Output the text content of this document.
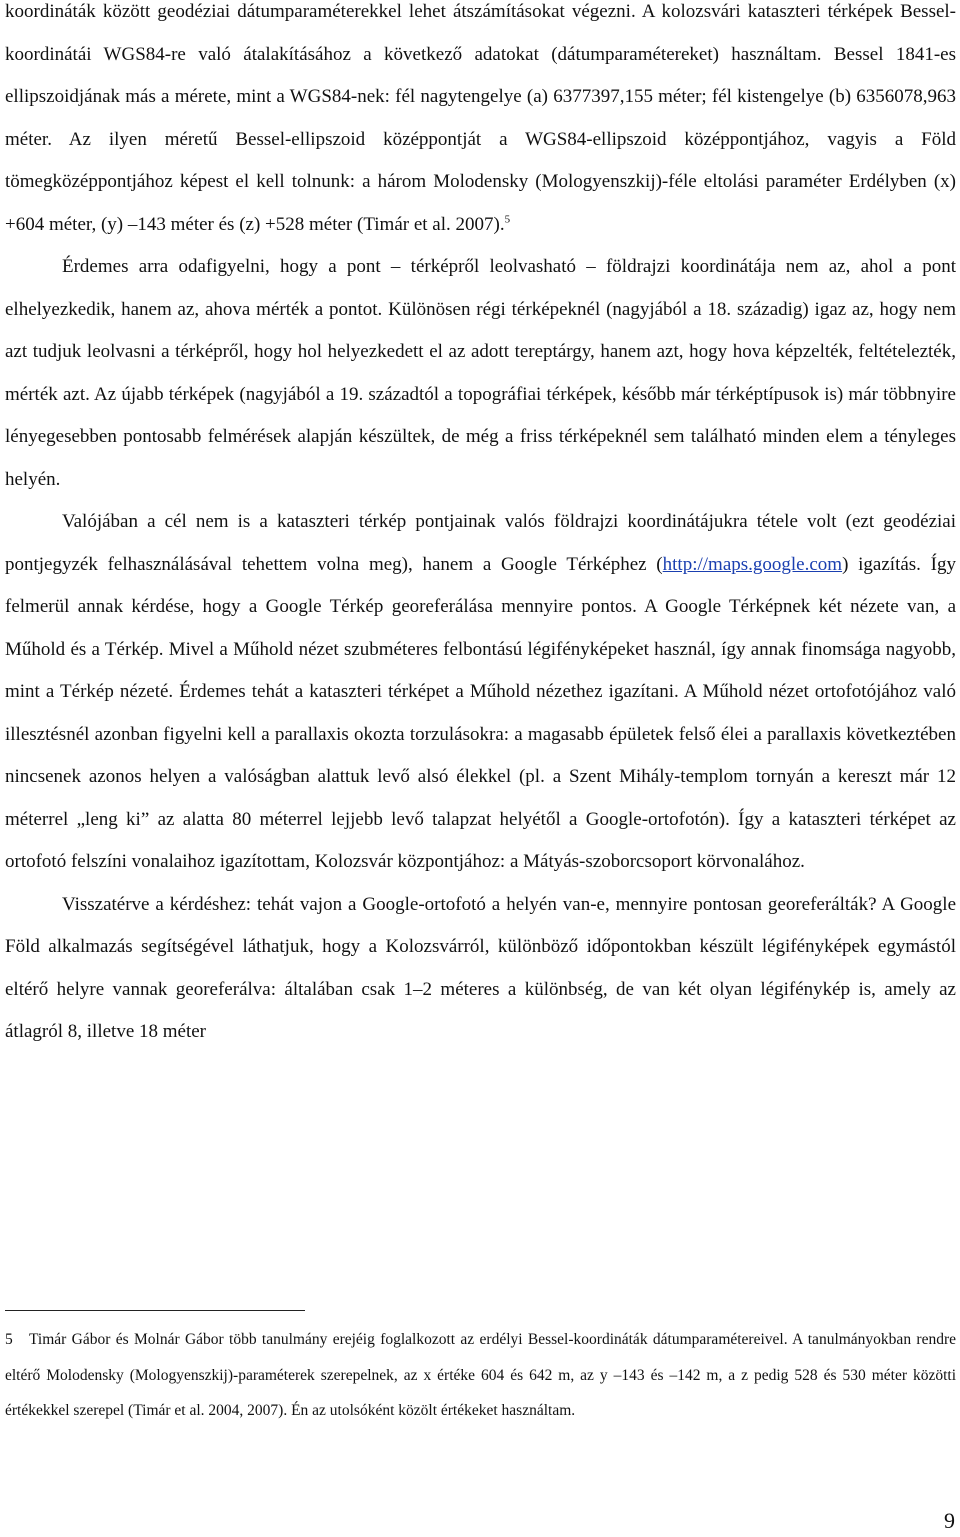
koordináták között geodéziai dátumparaméterekkel lehet átszámításokat végezni. A kolozsvári kataszteri térképek Bessel-koordinátái WGS84-re való átalakításához a következő adatokat (dátumparamétereket) használtam. Bessel 1841-es ellipszoidjának más a mérete, mint a WGS84-nek: fél nagytengelye (a) 6377397,155 méter; fél kistengelye (b) 6356078,963 méter. Az ilyen méretű Bessel-ellipszoid középpontját a WGS84-ellipszoid középpontjához, vagyis a Föld tömegközéppontjához képest el kell tolnunk: a három Molodensky (Mologyenszkij)-féle eltolási paraméter Erdélyben (x) +604 méter, (y) –143 méter és (z) +528 méter (Timár et al. 2007).$^5$

Érdemes arra odafigyelni, hogy a pont – térképről leolvasható – földrajzi koordinátája nem az, ahol a pont elhelyezkedik, hanem az, ahova mérték a pontot. Különösen régi térképeknél (nagyjából a 18. századig) igaz az, hogy nem azt tudjuk leolvasni a térképről, hogy hol helyezkedett el az adott tereptárgy, hanem azt, hogy hova képzelték, feltételezték, mérték azt. Az újabb térképek (nagyjából a 19. századtól a topográfiai térképek, később már térképtípusok is) már többnyire lényegesebben pontosabb felmérések alapján készültek, de még a friss térképeknél sem található minden elem a tényleges helyén.

Valójában a cél nem is a kataszteri térkép pontjainak valós földrajzi koordinátájukra tétele volt (ezt geodéziai pontjegyzék felhasználásával tehettem volna meg), hanem a Google Térképhez (http://maps.google.com) igazítás. Így felmerül annak kérdése, hogy a Google Térkép georeferálása mennyire pontos. A Google Térképnek két nézete van, a Műhold és a Térkép. Mivel a Műhold nézet szubméteres felbontású légifényképeket használ, így annak finomsága nagyobb, mint a Térkép nézeté. Érdemes tehát a kataszteri térképet a Műhold nézethez igazítani. A Műhold nézet ortofotójához való illesztésnél azonban figyelni kell a parallaxis okozta torzulásokra: a magasabb épületek felső élei a parallaxis következtében nincsenek azonos helyen a valóságban alattuk levő alsó élekkel (pl. a Szent Mihály-templom tornyán a kereszt már 12 méterrel „leng ki” az alatta 80 méterrel lejjebb levő talapzat helyétől a Google-ortofotón). Így a kataszteri térképet az ortofotó felszíni vonalaihoz igazítottam, Kolozsvár központjához: a Mátyás-szoborcsoport körvonalához.

Visszatérve a kérdéshez: tehát vajon a Google-ortofotó a helyén van-e, mennyire pontosan georeferálták? A Google Föld alkalmazás segítségével láthatjuk, hogy a Kolozsvárról, különböző időpontokban készült légifényképek egymástól eltérő helyre vannak georeferálva: általában csak 1–2 méteres a különbség, de van két olyan légifénykép is, amely az átlagról 8, illetve 18 méter

5 Timár Gábor és Molnár Gábor több tanulmány erejéig foglalkozott az erdélyi Bessel-koordináták dátumparamétereivel. A tanulmányokban rendre eltérő Molodensky (Mologyenszkij)-paraméterek szerepelnek, az x értéke 604 és 642 m, az y –143 és –142 m, a z pedig 528 és 530 méter közötti értékekkel szerepel (Timár et al. 2004, 2007). Én az utolsóként közölt értékeket használtam.

9
